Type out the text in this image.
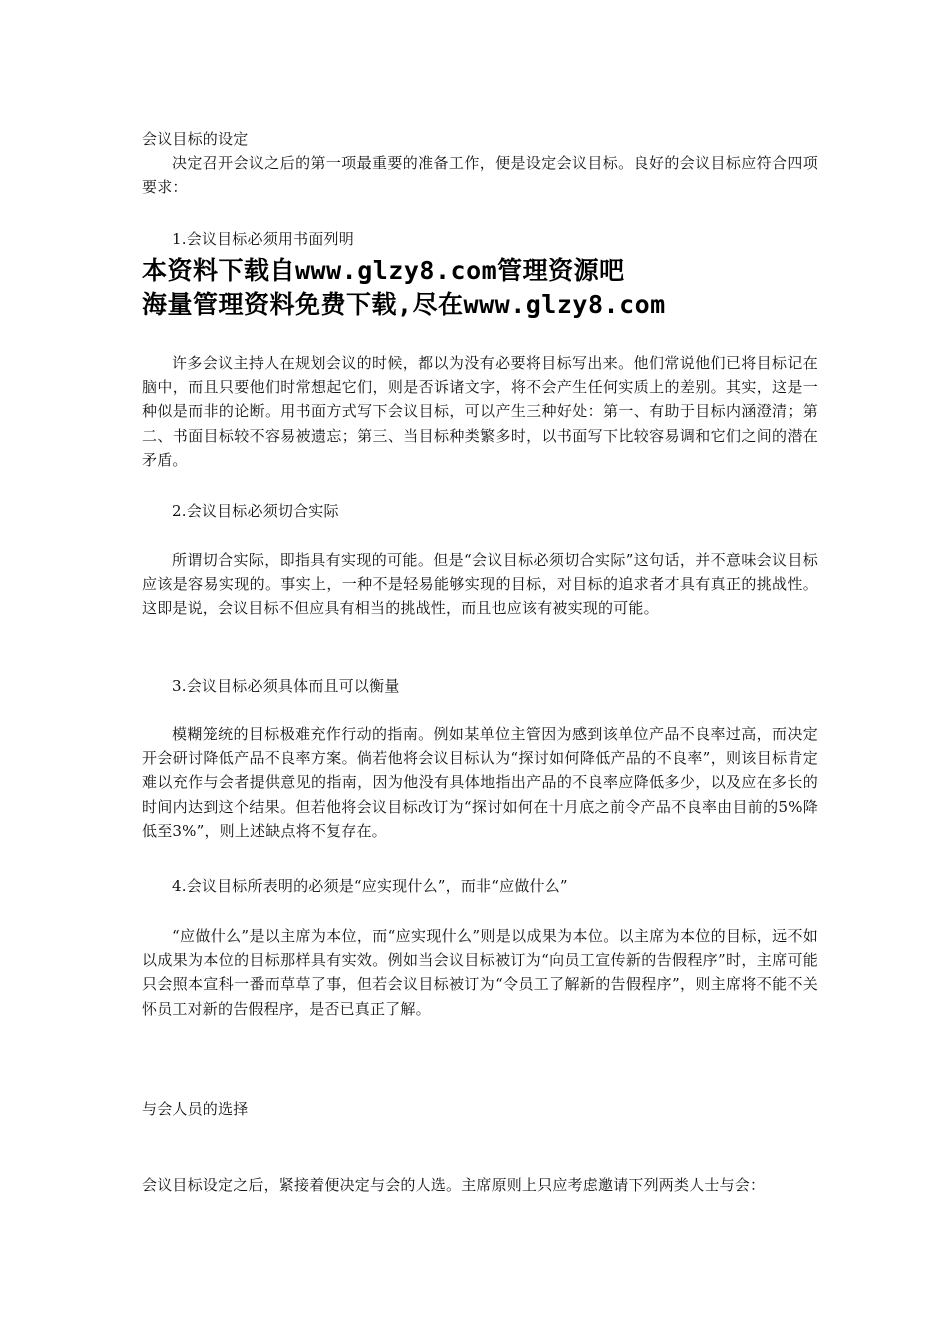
会议目标的设定
决定召开会议之后的第一项最重要的准备工作，便是设定会议目标。良好的会议目标应符合四项要求：
1.会议目标必须用书面列明
本资料下载自www.glzy8.com管理资源吧
海量管理资料免费下载,尽在www.glzy8.com
许多会议主持人在规划会议的时候，都以为没有必要将目标写出来。他们常说他们已将目标记在脑中，而且只要他们时常想起它们，则是否诉诸文字，将不会产生任何实质上的差别。其实，这是一种似是而非的论断。用书面方式写下会议目标，可以产生三种好处：第一、有助于目标内涵澄清；第二、书面目标较不容易被遗忘；第三、当目标种类繁多时，以书面写下比较容易调和它们之间的潜在矛盾。
2.会议目标必须切合实际
所谓切合实际，即指具有实现的可能。但是“会议目标必须切合实际”这句话，并不意味会议目标应该是容易实现的。事实上，一种不是轻易能够实现的目标，对目标的追求者才具有真正的挑战性。这即是说，会议目标不但应具有相当的挑战性，而且也应该有被实现的可能。
3.会议目标必须具体而且可以衡量
模糊笼统的目标极难充作行动的指南。例如某单位主管因为感到该单位产品不良率过高，而决定开会研讨降低产品不良率方案。倘若他将会议目标认为“探讨如何降低产品的不良率”，则该目标肯定难以充作与会者提供意见的指南，因为他没有具体地指出产品的不良率应降低多少，以及应在多长的时间内达到这个结果。但若他将会议目标改订为“探讨如何在十月底之前令产品不良率由目前的5%降低至3%”，则上述缺点将不复存在。
4.会议目标所表明的必须是“应实现什么”，而非“应做什么”
“应做什么”是以主席为本位，而“应实现什么”则是以成果为本位。以主席为本位的目标，远不如以成果为本位的目标那样具有实效。例如当会议目标被订为“向员工宣传新的告假程序”时，主席可能只会照本宣科一番而草草了事，但若会议目标被订为“令员工了解新的告假程序”，则主席将不能不关怀员工对新的告假程序，是否已真正了解。
与会人员的选择
会议目标设定之后，紧接着便决定与会的人选。主席原则上只应考虑邀请下列两类人士与会：
